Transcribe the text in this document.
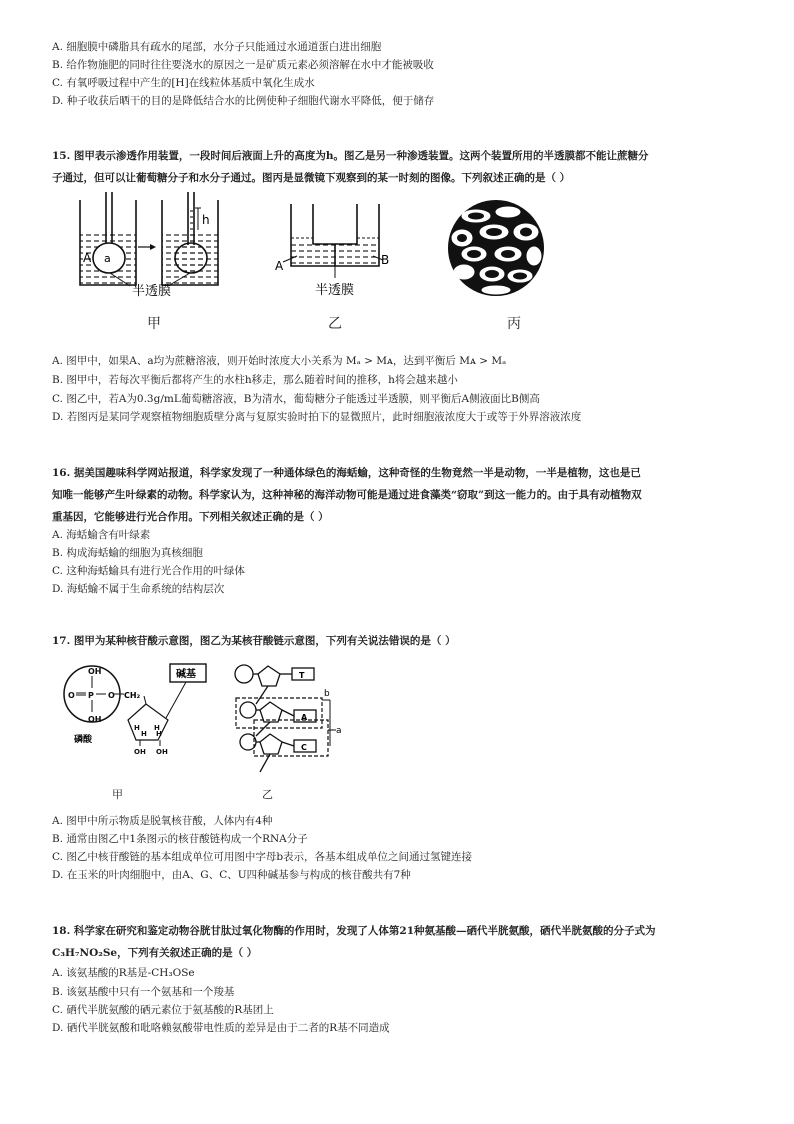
A. 细胞膜中磷脂具有疏水的尾部，水分子只能通过水通道蛋白进出细胞
B. 给作物施肥的同时往往要浇水的原因之一是矿质元素必须溶解在水中才能被吸收
C. 有氧呼吸过程中产生的[H]在线粒体基质中氧化生成水
D. 种子收获后晒干的目的是降低结合水的比例使种子细胞代谢水平降低，便于储存
15. 图甲表示渗透作用装置，一段时间后液面上升的高度为h。图乙是另一种渗透装置。这两个装置所用的半透膜都不能让蔗糖分
子通过，但可以让葡萄糖分子和水分子通过。图丙是显微镜下观察到的某一时刻的图像。下列叙述正确的是（ ）
A a
h
半透膜
甲
A	B
半透膜
乙	丙
A. 图甲中，如果A、a均为蔗糖溶液，则开始时浓度大小关系为 Mₐ > Mᴀ，达到平衡后 Mᴀ > Mₐ
B. 图甲中，若每次平衡后都将产生的水柱h移走，那么随着时间的推移，h将会越来越小
C. 图乙中，若A为0.3g/mL葡萄糖溶液，B为清水，葡萄糖分子能透过半透膜，则平衡后A侧液面比B侧高
D. 若图丙是某同学观察植物细胞质壁分离与复原实验时拍下的显微照片，此时细胞液浓度大于或等于外界溶液浓度
16. 据美国趣味科学网站报道，科学家发现了一种通体绿色的海蛞蝓，这种奇怪的生物竟然一半是动物，一半是植物，这也是已
知唯一能够产生叶绿素的动物。科学家认为，这种神秘的海洋动物可能是通过进食藻类“窃取”到这一能力的。由于具有动植物双
重基因，它能够进行光合作用。下列相关叙述正确的是（ ）
A. 海蛞蝓含有叶绿素
B. 构成海蛞蝓的细胞为真核细胞
C. 这种海蛞蝓具有进行光合作用的叶绿体
D. 海蛞蝓不属于生命系统的结构层次
17. 图甲为某种核苷酸示意图，图乙为某核苷酸链示意图，下列有关说法错误的是（ ）
OH
O P O
OH
磷酸
CH₂
H H
H H
OH OH
碱基
甲
b
a
T
A
C
乙
A. 图甲中所示物质是脱氧核苷酸，人体内有4种
B. 通常由图乙中1条图示的核苷酸链构成一个RNA分子
C. 图乙中核苷酸链的基本组成单位可用图中字母b表示，各基本组成单位之间通过氢键连接
D. 在玉米的叶肉细胞中，由A、G、C、U四种碱基参与构成的核苷酸共有7种
18. 科学家在研究和鉴定动物谷胱甘肽过氧化物酶的作用时，发现了人体第21种氨基酸—硒代半胱氨酸，硒代半胱氨酸的分子式为
C₃H₇NO₂Se，下列有关叙述正确的是（ ）
A. 该氨基酸的R基是-CH₃OSe
B. 该氨基酸中只有一个氨基和一个羧基
C. 硒代半胱氨酸的硒元素位于氨基酸的R基团上
D. 硒代半胱氨酸和吡咯赖氨酸带电性质的差异是由于二者的R基不同造成
